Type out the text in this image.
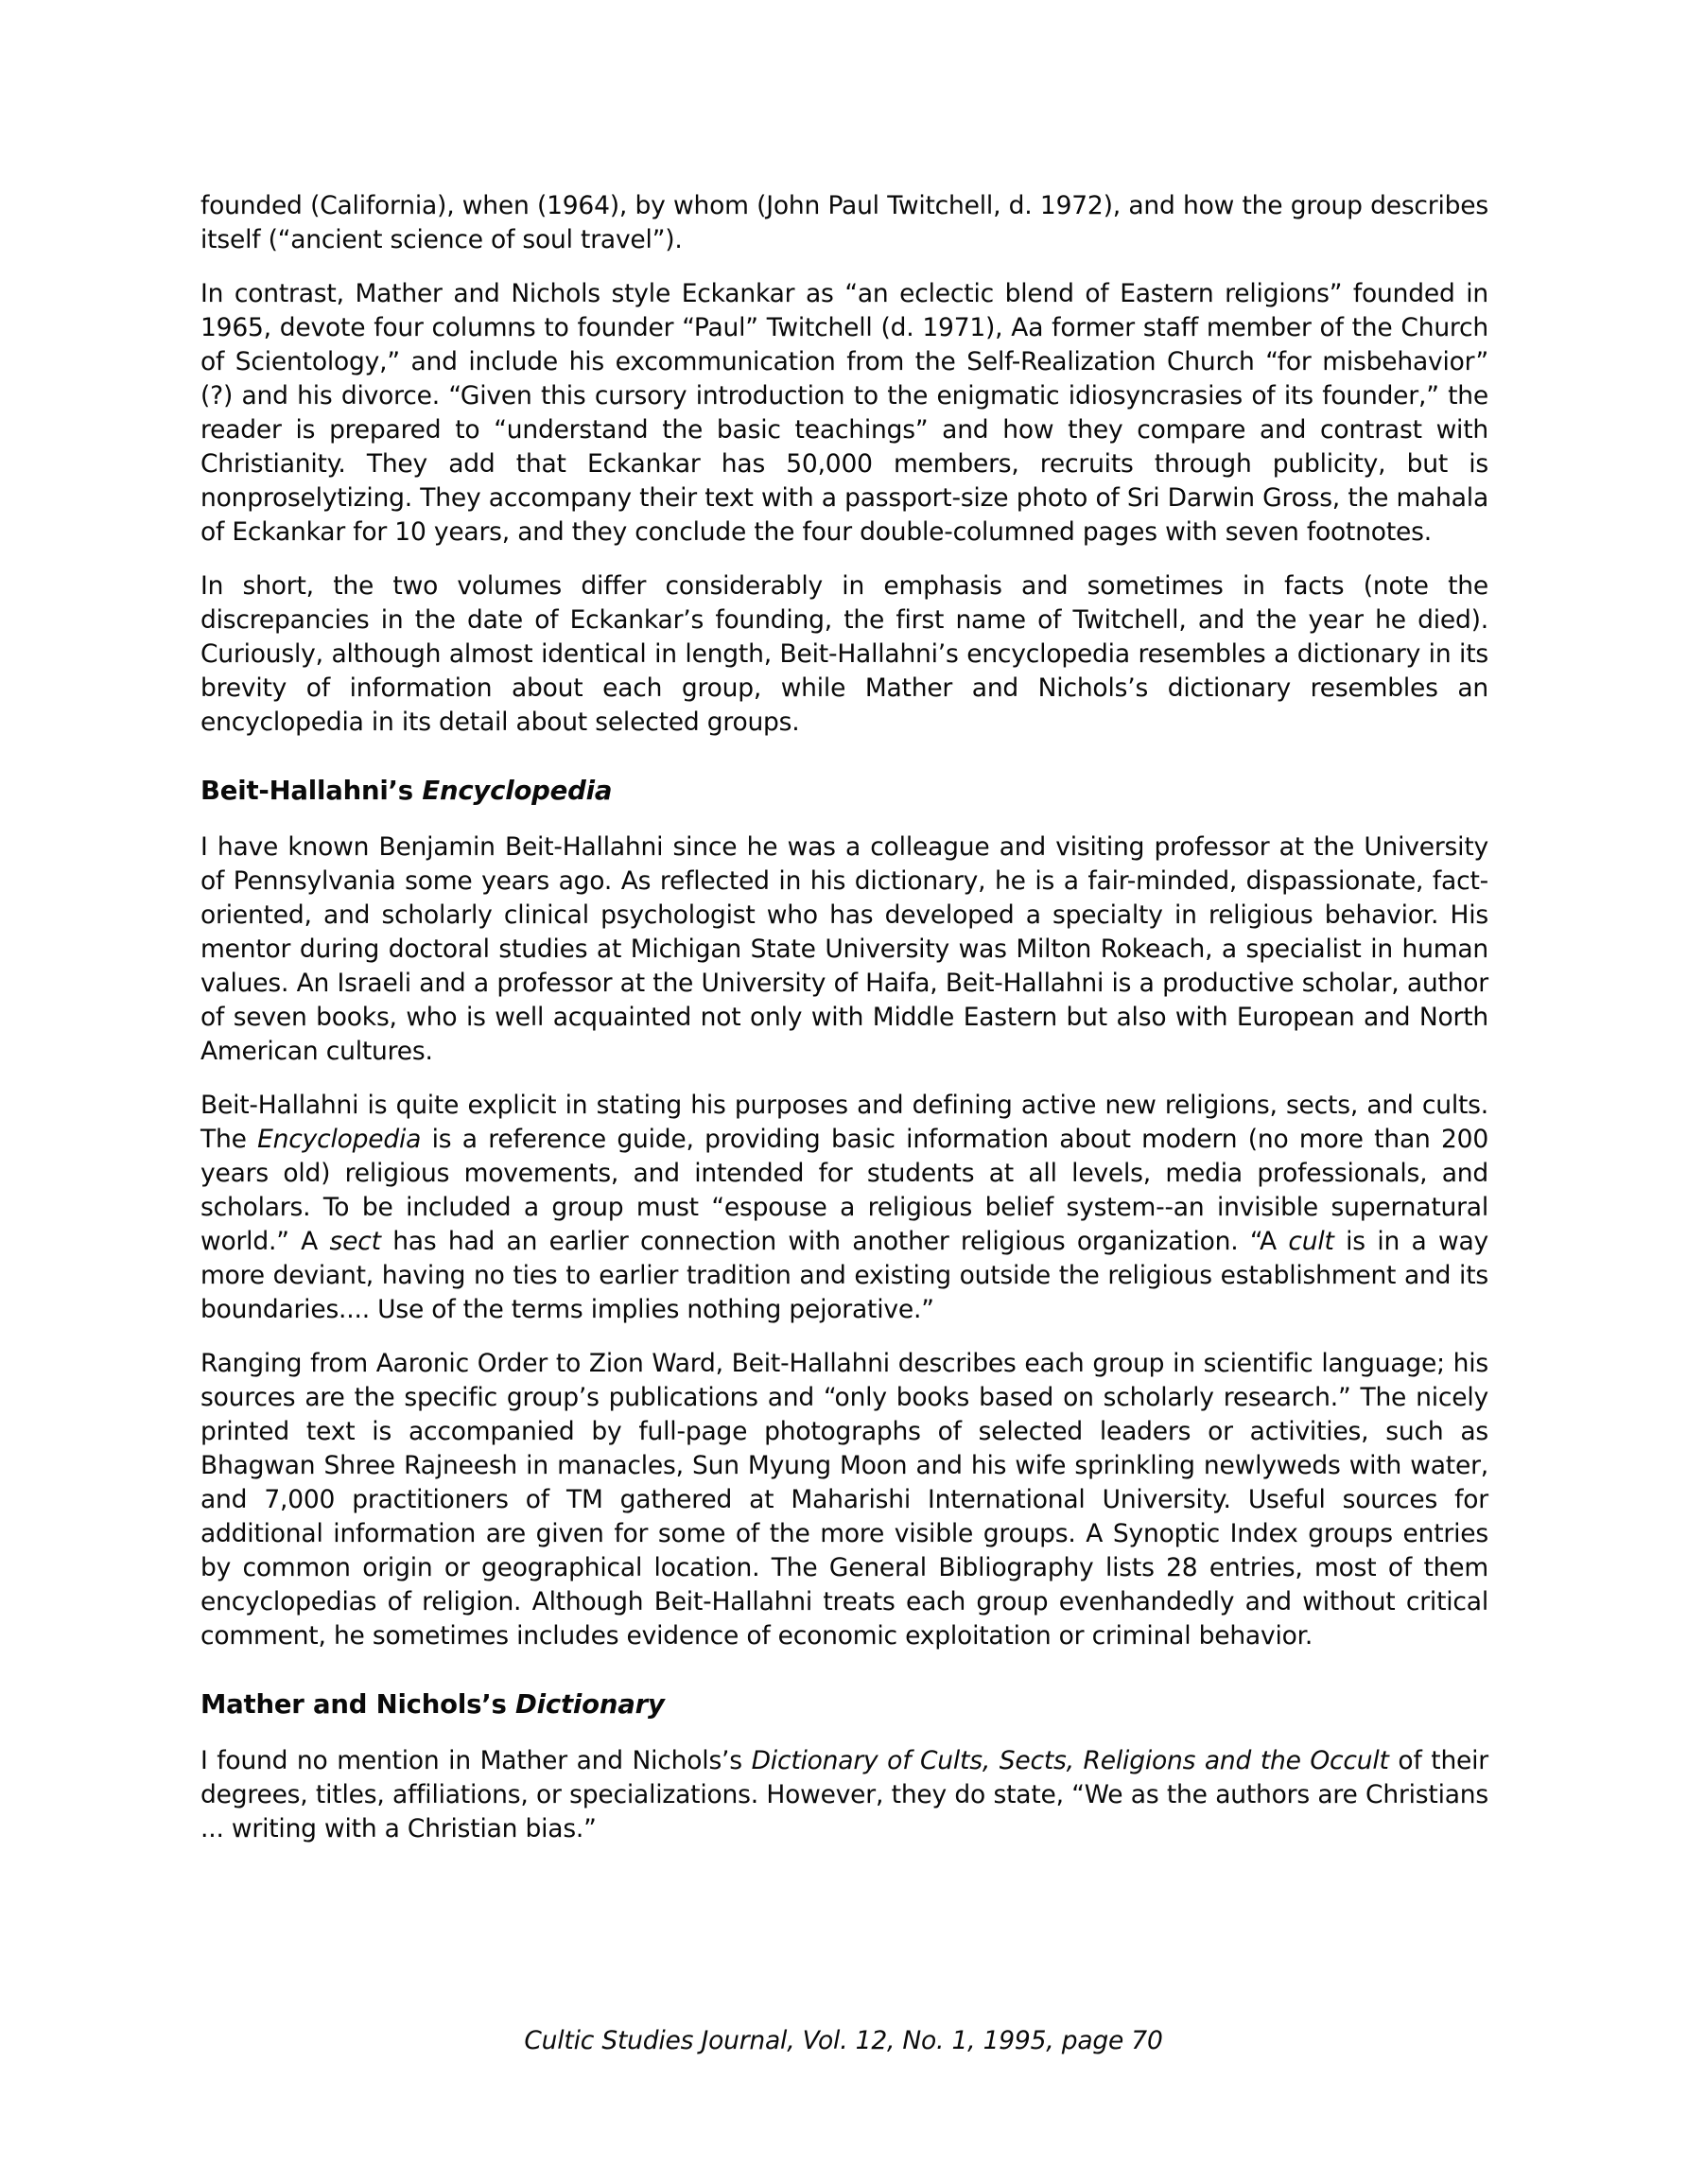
founded (California), when (1964), by whom (John Paul Twitchell, d. 1972), and how the group describes itself (“ancient science of soul travel”).

In contrast, Mather and Nichols style Eckankar as “an eclectic blend of Eastern religions” founded in 1965, devote four columns to founder “Paul” Twitchell (d. 1971), Aa former staff member of the Church of Scientology,” and include his excommunication from the Self-Realization Church “for misbehavior” (?) and his divorce. “Given this cursory introduction to the enigmatic idiosyncrasies of its founder,” the reader is prepared to “understand the basic teachings” and how they compare and contrast with Christianity. They add that Eckankar has 50,000 members, recruits through publicity, but is nonproselytizing. They accompany their text with a passport-size photo of Sri Darwin Gross, the mahala of Eckankar for 10 years, and they conclude the four double-columned pages with seven footnotes.

In short, the two volumes differ considerably in emphasis and sometimes in facts (note the discrepancies in the date of Eckankar’s founding, the first name of Twitchell, and the year he died). Curiously, although almost identical in length, Beit-Hallahni’s encyclopedia resembles a dictionary in its brevity of information about each group, while Mather and Nichols’s dictionary resembles an encyclopedia in its detail about selected groups.

Beit-Hallahni’s Encyclopedia

I have known Benjamin Beit-Hallahni since he was a colleague and visiting professor at the University of Pennsylvania some years ago. As reflected in his dictionary, he is a fair-minded, dispassionate, fact- oriented, and scholarly clinical psychologist who has developed a specialty in religious behavior. His mentor during doctoral studies at Michigan State University was Milton Rokeach, a specialist in human values. An Israeli and a professor at the University of Haifa, Beit-Hallahni is a productive scholar, author of seven books, who is well acquainted not only with Middle Eastern but also with European and North American cultures.

Beit-Hallahni is quite explicit in stating his purposes and defining active new religions, sects, and cults. The Encyclopedia is a reference guide, providing basic information about modern (no more than 200 years old) religious movements, and intended for students at all levels, media professionals, and scholars. To be included a group must “espouse a religious belief system--an invisible supernatural world.” A sect has had an earlier connection with another religious organization. “A cult is in a way more deviant, having no ties to earlier tradition and existing outside the religious establishment and its boundaries.... Use of the terms implies nothing pejorative.”

Ranging from Aaronic Order to Zion Ward, Beit-Hallahni describes each group in scientific language; his sources are the specific group’s publications and “only books based on scholarly research.” The nicely printed text is accompanied by full-page photographs of selected leaders or activities, such as Bhagwan Shree Rajneesh in manacles, Sun Myung Moon and his wife sprinkling newlyweds with water, and 7,000 practitioners of TM gathered at Maharishi International University. Useful sources for additional information are given for some of the more visible groups. A Synoptic Index groups entries by common origin or geographical location. The General Bibliography lists 28 entries, most of them encyclopedias of religion. Although Beit-Hallahni treats each group evenhandedly and without critical comment, he sometimes includes evidence of economic exploitation or criminal behavior.

Mather and Nichols’s Dictionary

I found no mention in Mather and Nichols’s Dictionary of Cults, Sects, Religions and the Occult of their degrees, titles, affiliations, or specializations. However, they do state, “We as the authors are Christians ... writing with a Christian bias.”

Cultic Studies Journal, Vol. 12, No. 1, 1995, page 70
